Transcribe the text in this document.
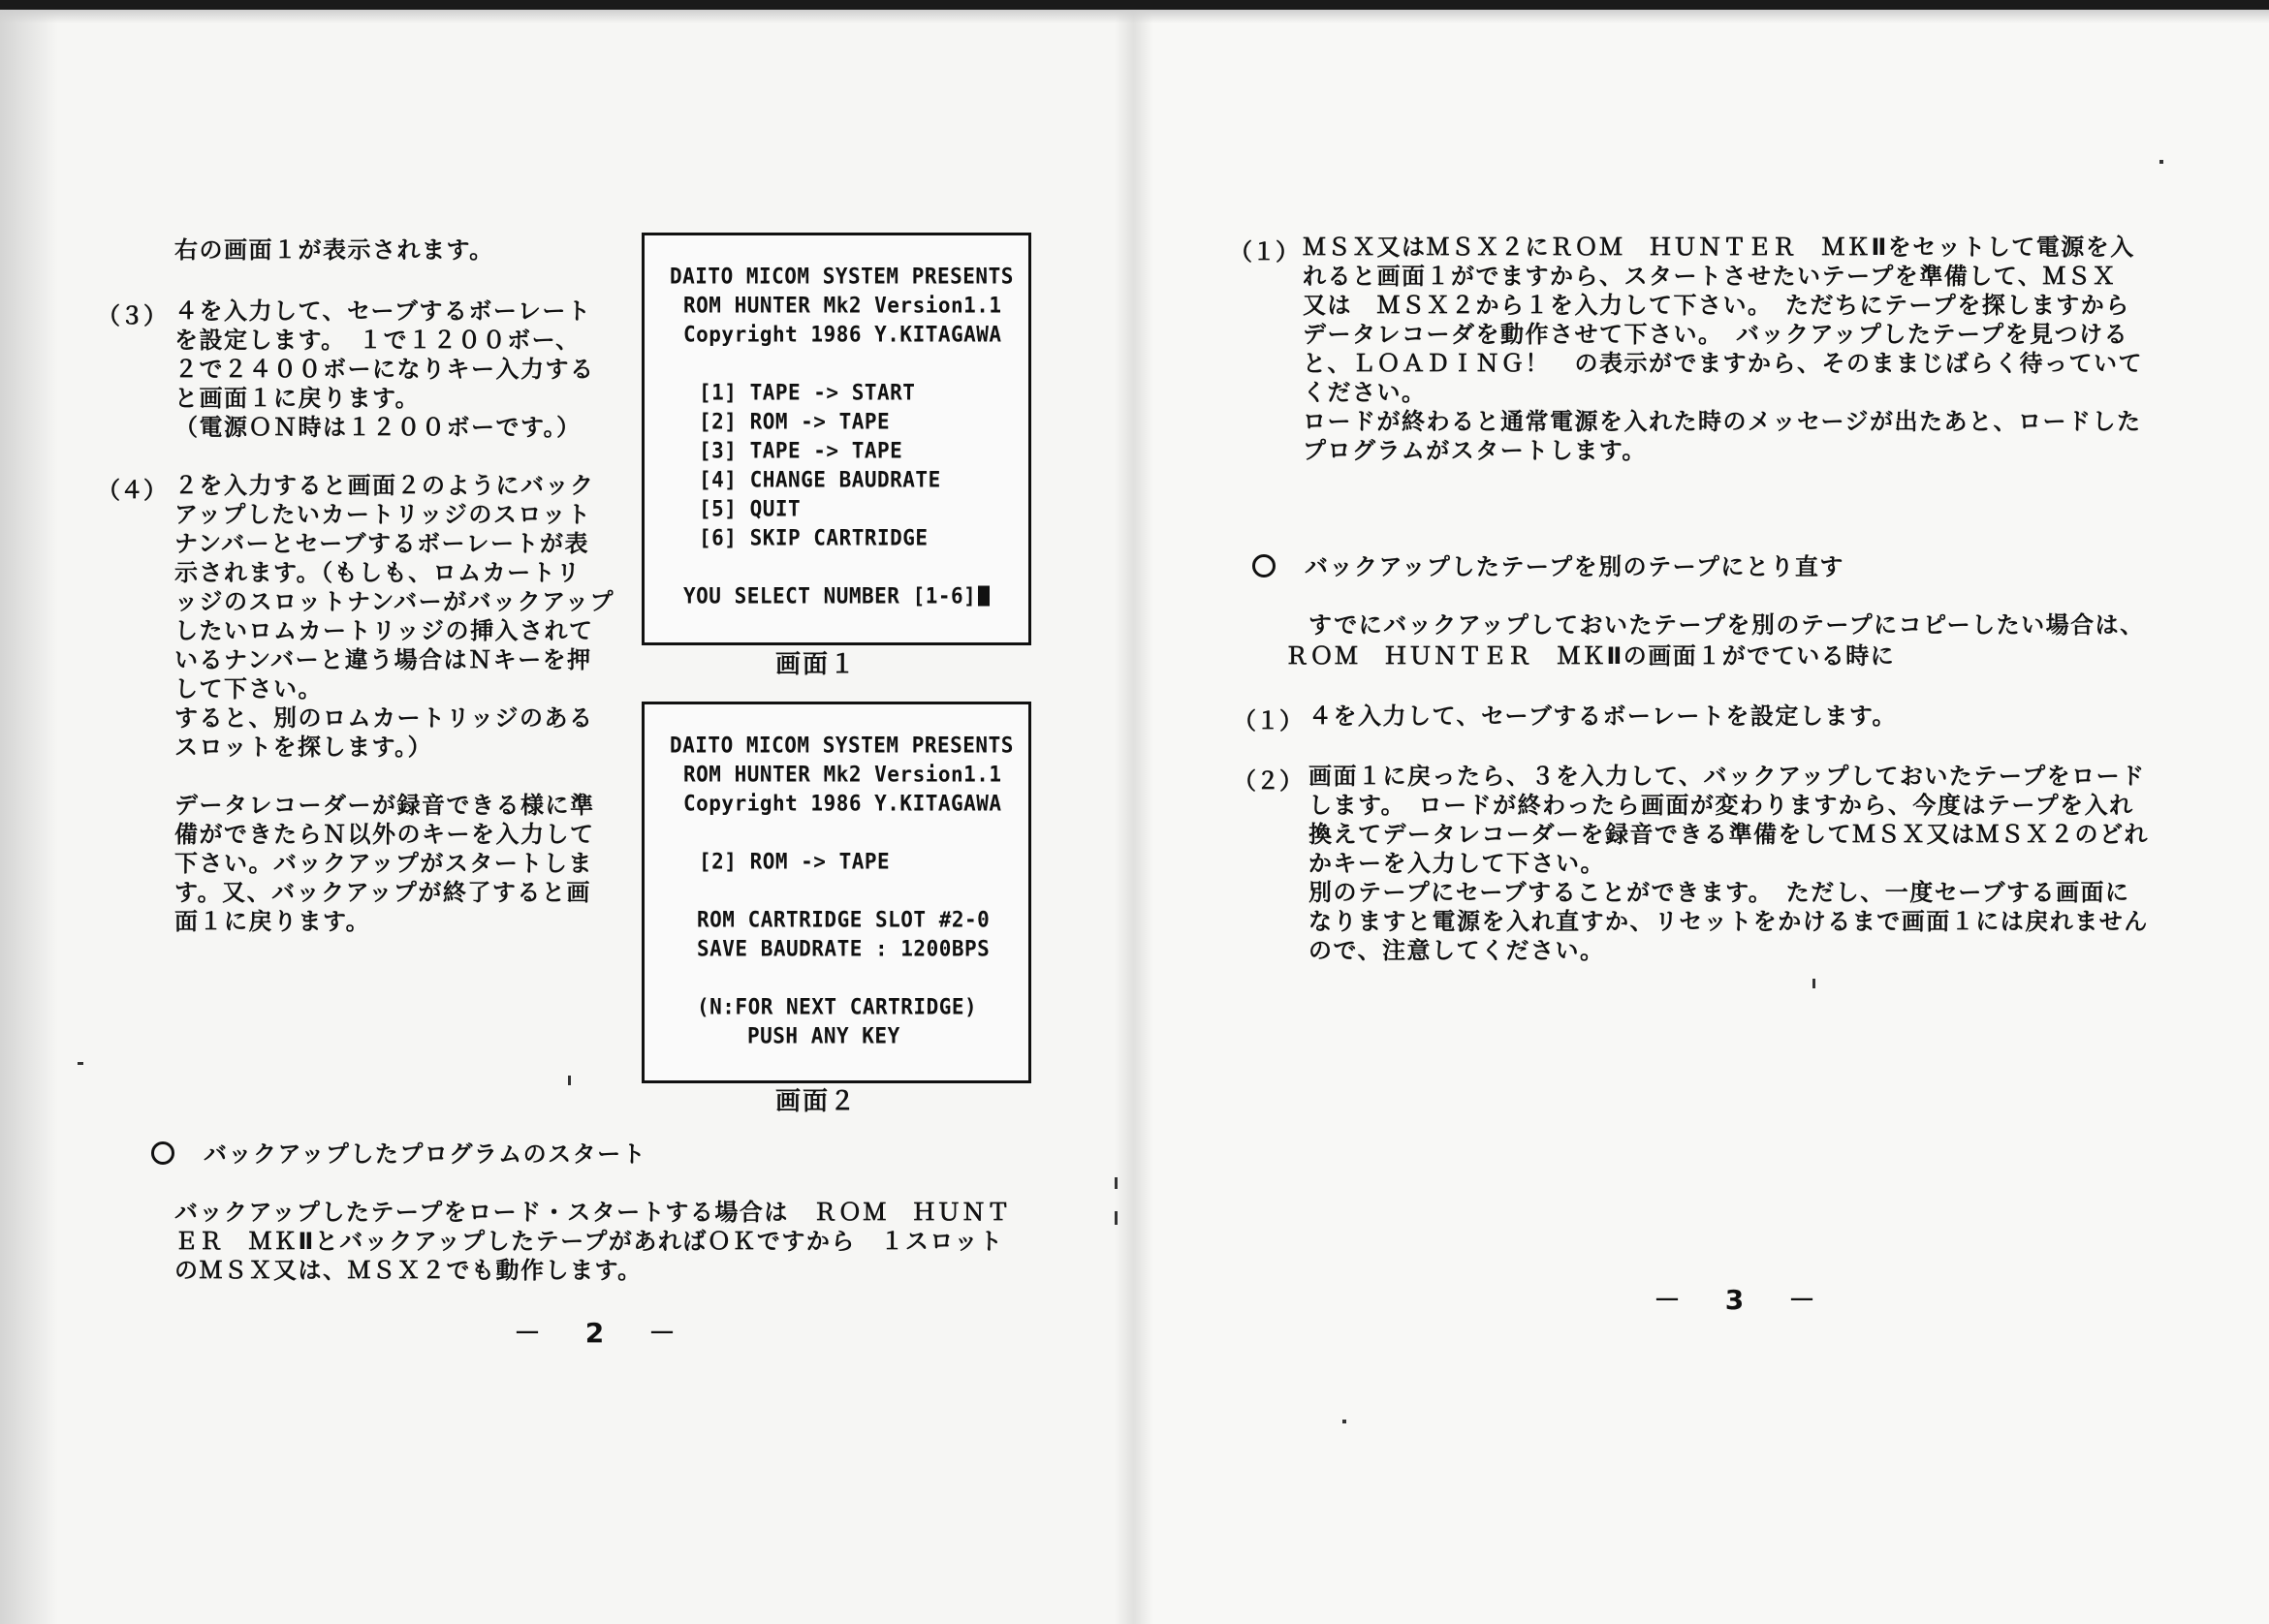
右の画面１が表示されます。
（３） ４を入力して、セーブするボーレート
を設定します。　１で１２００ボー、
２で２４００ボーになりキー入力する
と画面１に戻ります。
（電源ＯＮ時は１２００ボーです。）
（４） ２を入力すると画面２のようにバック
アップしたいカートリッジのスロット
ナンバーとセーブするボーレートが表
示されます。（もしも、ロムカートリ
ッジのスロットナンバーがバックアップ
したいロムカートリッジの挿入されて
いるナンバーと違う場合はＮキーを押
して下さい。
すると、別のロムカートリッジのある
スロットを探します。）
データレコーダーが録音できる様に準
備ができたらＮ以外のキーを入力して
下さい。バックアップがスタートしま
す。又、バックアップが終了すると画
面１に戻ります。
DAITO MICOM SYSTEM PRESENTS
ROM HUNTER Mk2 Version1.1
Copyright 1986 Y.KITAGAWA
[1] TAPE -> START
[2] ROM -> TAPE
[3] TAPE -> TAPE
[4] CHANGE BAUDRATE
[5] QUIT
[6] SKIP CARTRIDGE
YOU SELECT NUMBER [1-6]
画面１
DAITO MICOM SYSTEM PRESENTS
ROM HUNTER Mk2 Version1.1
Copyright 1986 Y.KITAGAWA
[2] ROM -> TAPE
ROM CARTRIDGE SLOT #2-0
SAVE BAUDRATE : 1200BPS
(N:FOR NEXT CARTRIDGE)
PUSH ANY KEY
画面２
バックアップしたプログラムのスタート
バックアップしたテープをロード・スタートする場合は　ＲＯＭ　ＨＵＮＴ
ＥＲ　ＭＫⅡとバックアップしたテープがあればＯＫですから　１スロット
のＭＳＸ又は、ＭＳＸ２でも動作します。
－ 2 －
（１） ＭＳＸ又はＭＳＸ２にＲＯＭ　ＨＵＮＴＥＲ　ＭＫⅡをセットして電源を入
れると画面１がでますから、スタートさせたいテープを準備して、ＭＳＸ
又は　ＭＳＸ２から１を入力して下さい。　ただちにテープを探しますから
データレコーダを動作させて下さい。　バックアップしたテープを見つける
と、ＬＯＡＤＩＮＧ！　の表示がでますから、そのままじばらく待っていて
ください。
ロードが終わると通常電源を入れた時のメッセージが出たあと、ロードした
プログラムがスタートします。
バックアップしたテープを別のテープにとり直す
すでにバックアップしておいたテープを別のテープにコピーしたい場合は、
ＲＯＭ　ＨＵＮＴＥＲ　ＭＫⅡの画面１がでている時に
（１） ４を入力して、セーブするボーレートを設定します。
（２） 画面１に戻ったら、３を入力して、バックアップしておいたテープをロード
します。　ロードが終わったら画面が変わりますから、今度はテープを入れ
換えてデータレコーダーを録音できる準備をしてＭＳＸ又はＭＳＸ２のどれ
かキーを入力して下さい。
別のテープにセーブすることができます。　ただし、一度セーブする画面に
なりますと電源を入れ直すか、リセットをかけるまで画面１には戻れません
ので、注意してください。
－ 3 －
